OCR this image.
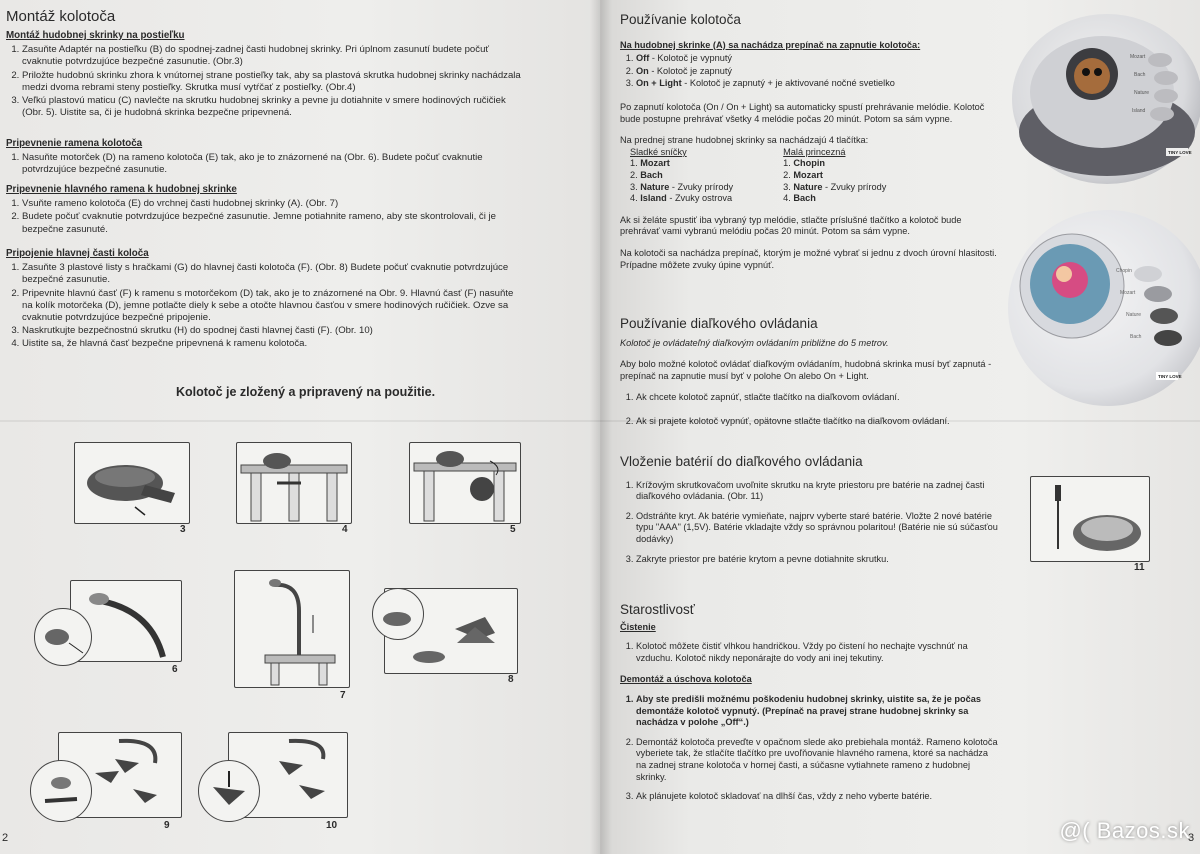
Montáž kolotoča
Montáž hudobnej skrinky na postieľku
1. Zasuňte Adaptér na postieľku (B) do spodnej-zadnej časti hudobnej skrinky. Pri úplnom zasunutí budete počuť cvaknutie potvrdzujúce bezpečné zasunutie. (Obr.3)
2. Priložte hudobnú skrinku zhora k vnútornej strane postieľky tak, aby sa plastová skrutka hudobnej skrinky nachádzala medzi dvoma rebrami steny postieľky. Skrutka musí vytŕčať z postieľky. (Obr.4)
3. Veľkú plastovú maticu (C) navlečte na skrutku hudobnej skrinky a pevne ju dotiahnite v smere hodinových ručičiek (Obr. 5). Uistite sa, či je hudobná skrinka bezpečne pripevnená.
Pripevnenie ramena kolotoča
1. Nasuňte motorček (D) na rameno kolotoča (E) tak, ako je to znázornené na (Obr. 6). Budete počuť cvaknutie potvrdzujúce bezpečné zasunutie.
Pripevnenie hlavného ramena k hudobnej skrinke
1. Vsuňte rameno kolotoča (E) do vrchnej časti hudobnej skrinky (A). (Obr. 7)
2. Budete počuť cvaknutie potvrdzujúce bezpečné zasunutie. Jemne potiahnite rameno, aby ste skontrolovali, či je bezpečne zasunuté.
Pripojenie hlavnej časti koloča
1. Zasuňte 3 plastové listy s hračkami (G) do hlavnej časti kolotoča (F). (Obr. 8) Budete počuť cvaknutie potvrdzujúce bezpečné zasunutie.
2. Pripevnite hlavnú časť (F) k ramenu s motorčekom (D) tak, ako je to znázornené na Obr. 9. Hlavnú časť (F) nasuňte na kolík motorčeka (D), jemne potlačte diely k sebe a otočte hlavnou časťou v smere hodinových ručičiek. Ozve sa cvaknutie potvrdzujúce bezpečné pripojenie.
3. Naskrutkujte bezpečnostnú skrutku (H) do spodnej časti hlavnej časti (F). (Obr. 10)
4. Uistite sa, že hlavná časť bezpečne pripevnená k ramenu kolotoča.
Kolotoč je zložený a pripravený na použitie.
3	4	5
6
7
8
9	10
2
Používanie kolotoča
Na hudobnej skrinke (A) sa nachádza prepínač na zapnutie kolotoča:
1. Off - Kolotoč je vypnutý
2. On - Kolotoč je zapnutý
3. On + Light - Kolotoč je zapnutý + je aktivované nočné svetielko
Po zapnutí kolotoča (On / On + Light) sa automaticky spustí prehrávanie melódie. Kolotoč bude postupne prehrávať všetky 4 melódie počas 20 minút. Potom sa sám vypne.
Na prednej strane hudobnej skrinky sa nachádzajú 4 tlačítka:
Sladké sníčky
1. Mozart
2. Bach
3. Nature - Zvuky prírody
4. Island - Zvuky ostrova
Malá princezná
1. Chopin
2. Mozart
3. Nature - Zvuky prírody
4. Bach
Ak si želáte spustiť iba vybraný typ melódie, stlačte príslušné tlačítko a kolotoč bude prehrávať vami vybranú melódiu počas 20 minút. Potom sa sám vypne.
Na kolotoči sa nachádza prepínač, ktorým je možné vybrať si jednu z dvoch úrovní hlasitosti. Prípadne môžete zvuky úpine vypnúť.
Používanie diaľkového ovládania
Kolotoč je ovládateľný diaľkovým ovládaním približne do 5 metrov.
Aby bolo možné kolotoč ovládať diaľkovým ovládaním, hudobná skrinka musí byť zapnutá - prepínač na zapnutie musí byť v polohe On alebo On + Light.
1. Ak chcete kolotoč zapnúť, stlačte tlačítko na diaľkovom ovládaní.
2. Ak si prajete kolotoč vypnúť, opätovne stlačte tlačítko na diaľkovom ovládaní.
Vloženie batérií do diaľkového ovládania
1. Krížovým skrutkovačom uvoľnite skrutku na kryte priestoru pre batérie na zadnej časti diaľkového ovládania. (Obr. 11)
2. Odstráňte kryt. Ak batérie vymieňate, najprv vyberte staré batérie. Vložte 2 nové batérie typu "AAA" (1,5V). Batérie vkladajte vždy so správnou polaritou! (Batérie nie sú súčasťou dodávky)
3. Zakryte priestor pre batérie krytom a pevne dotiahnite skrutku.
Starostlivosť
Čistenie
1. Kolotoč môžete čistiť vlhkou handričkou. Vždy po čistení ho nechajte vyschnúť na vzduchu. Kolotoč nikdy neponárajte do vody ani inej tekutiny.
Demontáž a úschova kolotoča
1. Aby ste predišli možnému poškodeniu hudobnej skrinky, uistite sa, že je počas demontáže kolotoč vypnutý. (Prepínač na pravej strane hudobnej skrinky sa nachádza v polohe „Off“.)
2. Demontáž kolotoča preveďte v opačnom slede ako prebiehala montáž. Rameno kolotoča vyberiete tak, že stlačíte tlačítko pre uvoľňovanie hlavného ramena, ktoré sa nachádza na zadnej strane kolotoča v hornej časti, a súčasne vytiahnete rameno z hudobnej skrinky.
3. Ak plánujete kolotoč skladovať na dlhší čas, vždy z neho vyberte batérie.
Mozart
Bach
Nature
Island
TINY LOVE
Chopin
Mozart
Nature
Bach
TINY LOVE
11
3
@( Bazos.sk
